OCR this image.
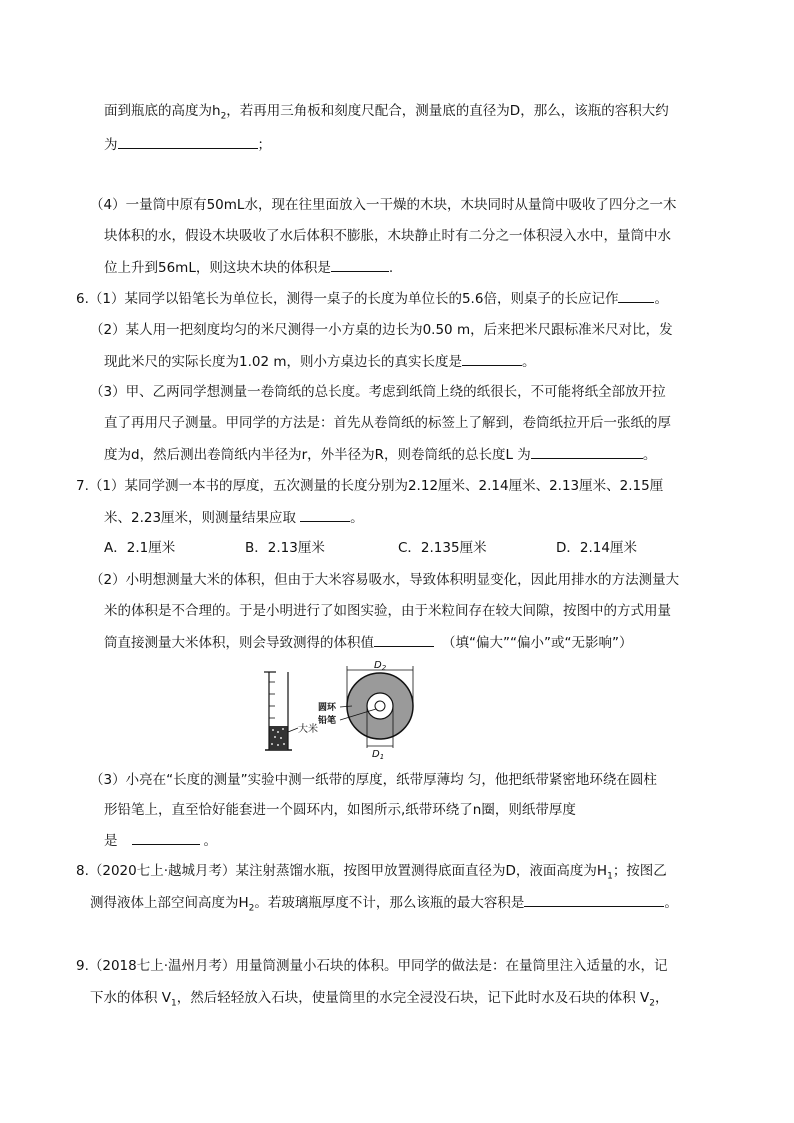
面到瓶底的高度为$h_2$，若再用三角板和刻度尺配合，测量底的直径为D，那么，该瓶的容积大约
为	；
（4）一量筒中原有50mL水，现在往里面放入一干燥的木块，木块同时从量筒中吸收了四分之一木
块体积的水，假设木块吸收了水后体积不膨胀，木块静止时有二分之一体积浸入水中，量筒中水
位上升到56mL，则这块木块的体积是	.
6.（1）某同学以铅笔长为单位长，测得一桌子的长度为单位长的5.6倍，则桌子的长应记作	。
（2）某人用一把刻度均匀的米尺测得一小方桌的边长为0.50 m，后来把米尺跟标准米尺对比，发
现此米尺的实际长度为1.02 m，则小方桌边长的真实长度是	。
（3）甲、乙两同学想测量一卷筒纸的总长度。考虑到纸筒上绕的纸很长，不可能将纸全部放开拉
直了再用尺子测量。甲同学的方法是：首先从卷筒纸的标签上了解到，卷筒纸拉开后一张纸的厚
度为d，然后测出卷筒纸内半径为r，外半径为R，则卷筒纸的总长度L 为	。
7.（1）某同学测一本书的厚度，五次测量的长度分别为2.12厘米、2.14厘米、2.13厘米、2.15厘
米、2.23厘米，则测量结果应取	。
A．2.1厘米	B．2.13厘米	C．2.135厘米	D．2.14厘米
（2）小明想测量大米的体积，但由于大米容易吸水，导致体积明显变化，因此用排水的方法测量大
米的体积是不合理的。于是小明进行了如图实验，由于米粒间存在较大间隙，按图中的方式用量
筒直接测量大米体积，则会导致测得的体积值	（填“偏大”“偏小”或“无影响”）
大米
$D_2$
$D_1$
圆环
铅笔
（3）小亮在“长度的测量”实验中测一纸带的厚度，纸带厚薄均 匀，他把纸带紧密地环绕在圆柱
形铅笔上，直至恰好能套进一个圆环内，如图所示,纸带环绕了n圈，则纸带厚度
是	。
8.（2020七上·越城月考）某注射蒸馏水瓶，按图甲放置测得底面直径为D，液面高度为$H_1$；按图乙
测得液体上部空间高度为$H_2$。若玻璃瓶厚度不计，那么该瓶的最大容积是	。
9.（2018七上·温州月考）用量筒测量小石块的体积。甲同学的做法是：在量筒里注入适量的水，记
下水的体积 $V_1$，然后轻轻放入石块，使量筒里的水完全浸没石块，记下此时水及石块的体积 $V_2$，
